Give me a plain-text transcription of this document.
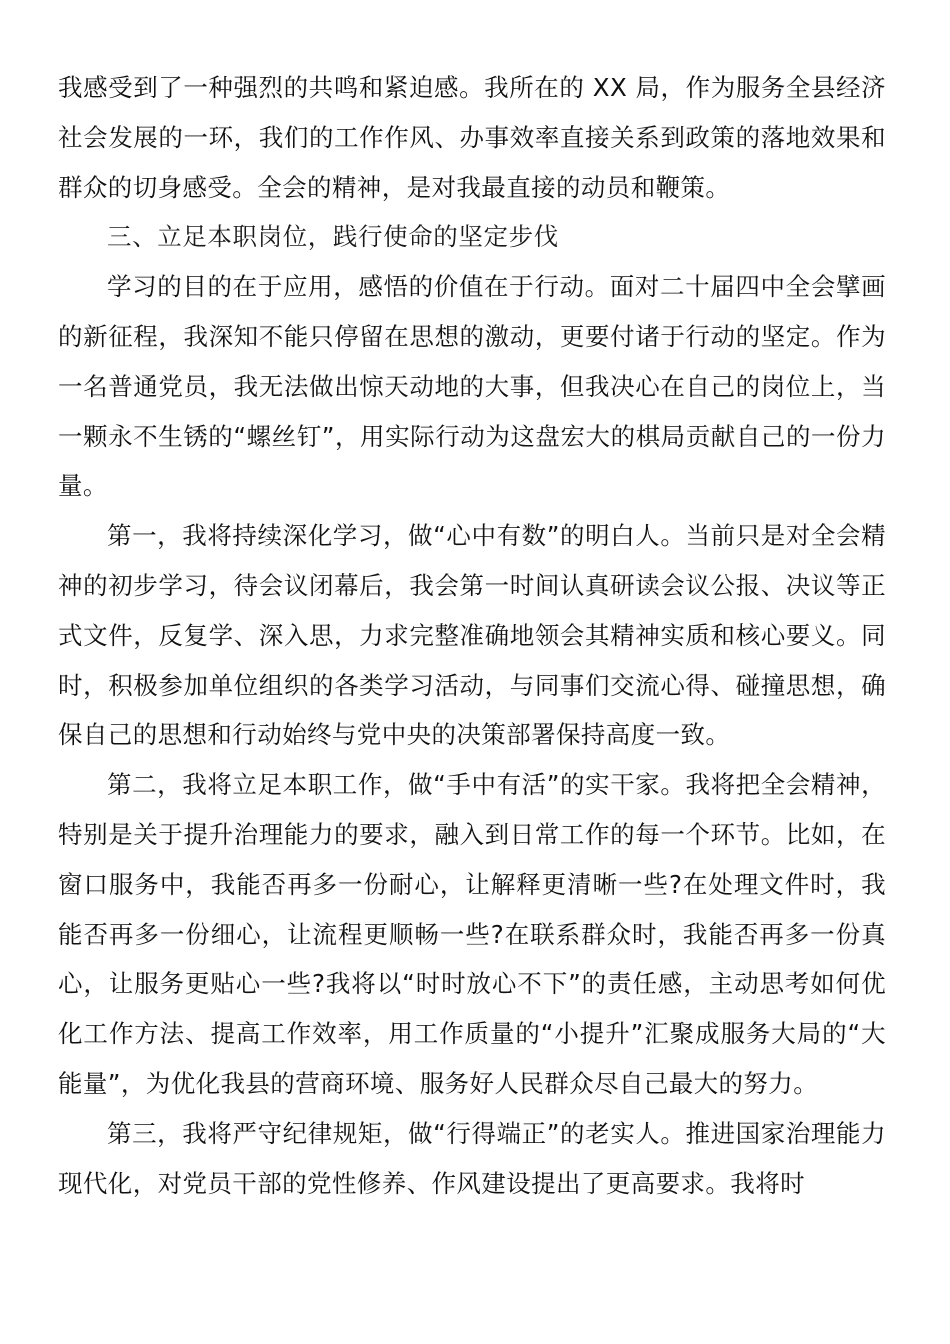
我感受到了一种强烈的共鸣和紧迫感。我所在的 XX 局，作为服务全县经济社会发展的一环，我们的工作作风、办事效率直接关系到政策的落地效果和群众的切身感受。全会的精神，是对我最直接的动员和鞭策。

三、立足本职岗位，践行使命的坚定步伐

学习的目的在于应用，感悟的价值在于行动。面对二十届四中全会擘画的新征程，我深知不能只停留在思想的激动，更要付诸于行动的坚定。作为一名普通党员，我无法做出惊天动地的大事，但我决心在自己的岗位上，当一颗永不生锈的“螺丝钉”，用实际行动为这盘宏大的棋局贡献自己的一份力量。

第一，我将持续深化学习，做“心中有数”的明白人。当前只是对全会精神的初步学习，待会议闭幕后，我会第一时间认真研读会议公报、决议等正式文件，反复学、深入思，力求完整准确地领会其精神实质和核心要义。同时，积极参加单位组织的各类学习活动，与同事们交流心得、碰撞思想，确保自己的思想和行动始终与党中央的决策部署保持高度一致。

第二，我将立足本职工作，做“手中有活”的实干家。我将把全会精神，特别是关于提升治理能力的要求，融入到日常工作的每一个环节。比如，在窗口服务中，我能否再多一份耐心，让解释更清晰一些?在处理文件时，我能否再多一份细心，让流程更顺畅一些?在联系群众时，我能否再多一份真心，让服务更贴心一些?我将以“时时放心不下”的责任感，主动思考如何优化工作方法、提高工作效率，用工作质量的“小提升”汇聚成服务大局的“大能量”，为优化我县的营商环境、服务好人民群众尽自己最大的努力。

第三，我将严守纪律规矩，做“行得端正”的老实人。推进国家治理能力现代化，对党员干部的党性修养、作风建设提出了更高要求。我将时
